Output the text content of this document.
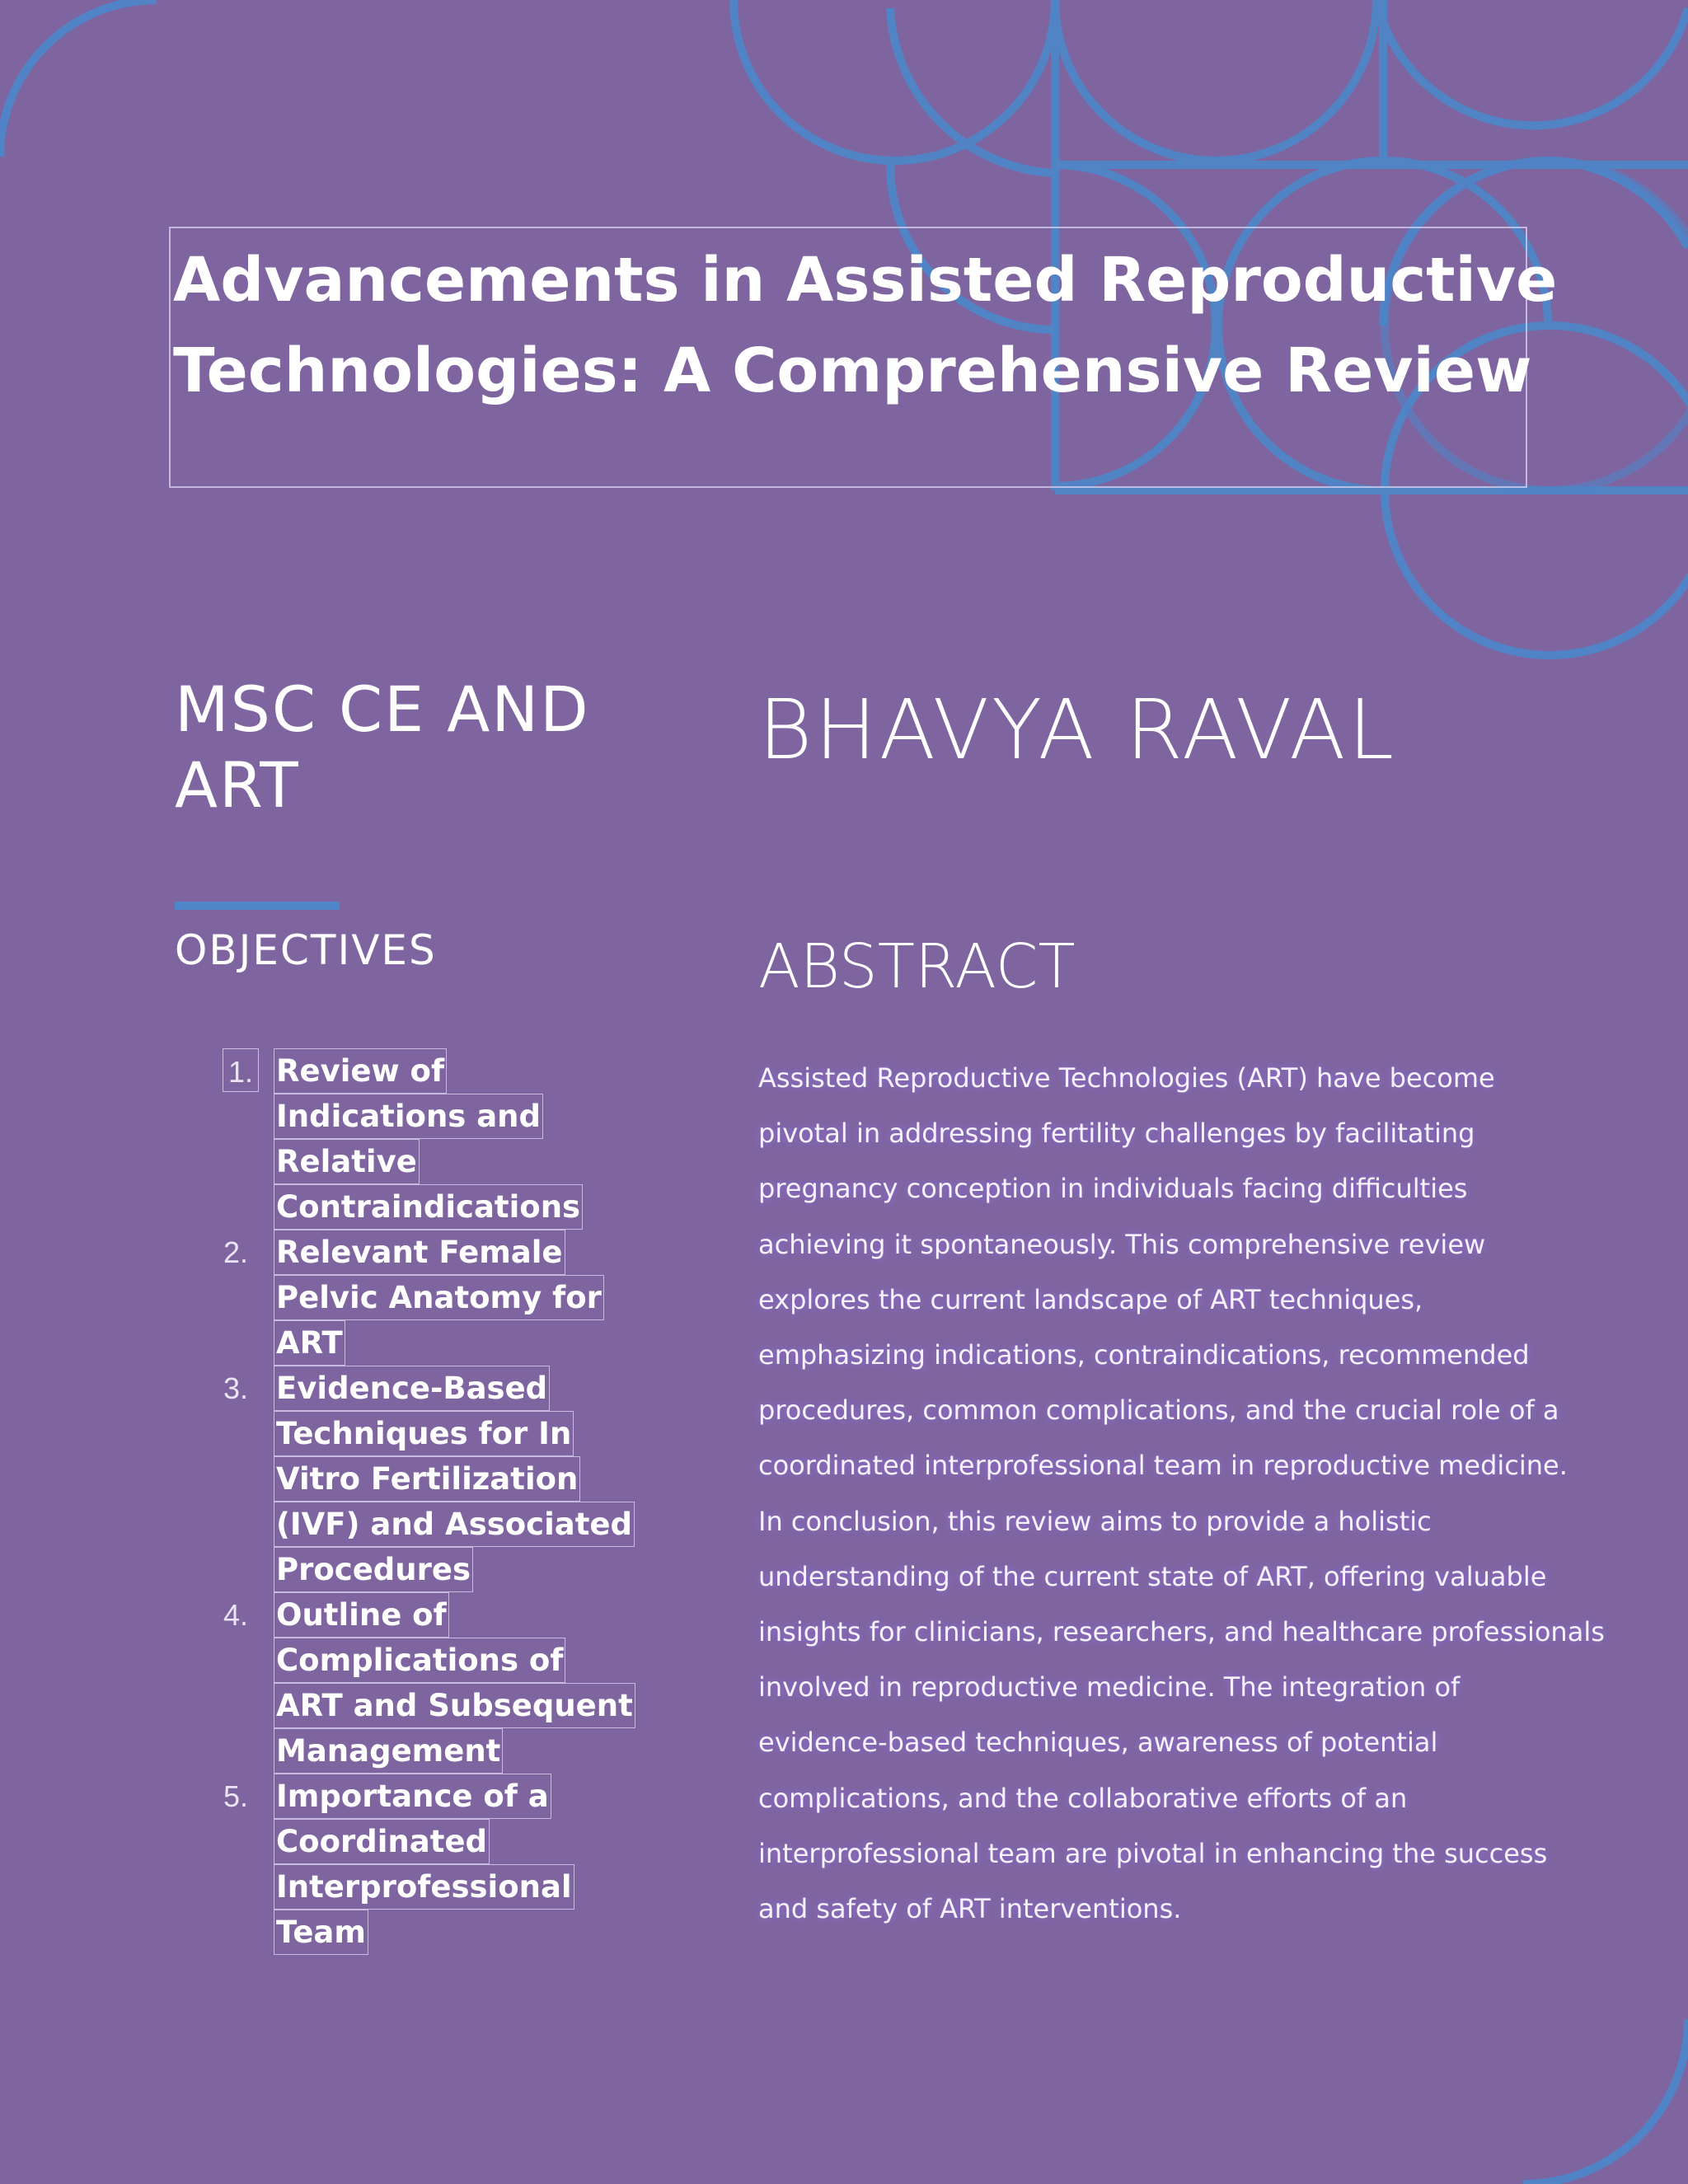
Advancements in Assisted Reproductive
Technologies: A Comprehensive Review
MSC CE AND
ART
BHAVYA RAVAL
OBJECTIVES	ABSTRACT
1. Review of
Indications and
Relative
Contraindications
2. Relevant Female
Pelvic Anatomy for
ART
3. Evidence-Based
Techniques for In
Vitro Fertilization
(IVF) and Associated
Procedures
4. Outline of
Complications of
ART and Subsequent
Management
5. Importance of a
Coordinated
Interprofessional
Team
Assisted Reproductive Technologies (ART) have become
pivotal in addressing fertility challenges by facilitating
pregnancy conception in individuals facing difficulties
achieving it spontaneously. This comprehensive review
explores the current landscape of ART techniques,
emphasizing indications, contraindications, recommended
procedures, common complications, and the crucial role of a
coordinated interprofessional team in reproductive medicine.
In conclusion, this review aims to provide a holistic
understanding of the current state of ART, offering valuable
insights for clinicians, researchers, and healthcare professionals
involved in reproductive medicine. The integration of
evidence-based techniques, awareness of potential
complications, and the collaborative efforts of an
interprofessional team are pivotal in enhancing the success
and safety of ART interventions.
